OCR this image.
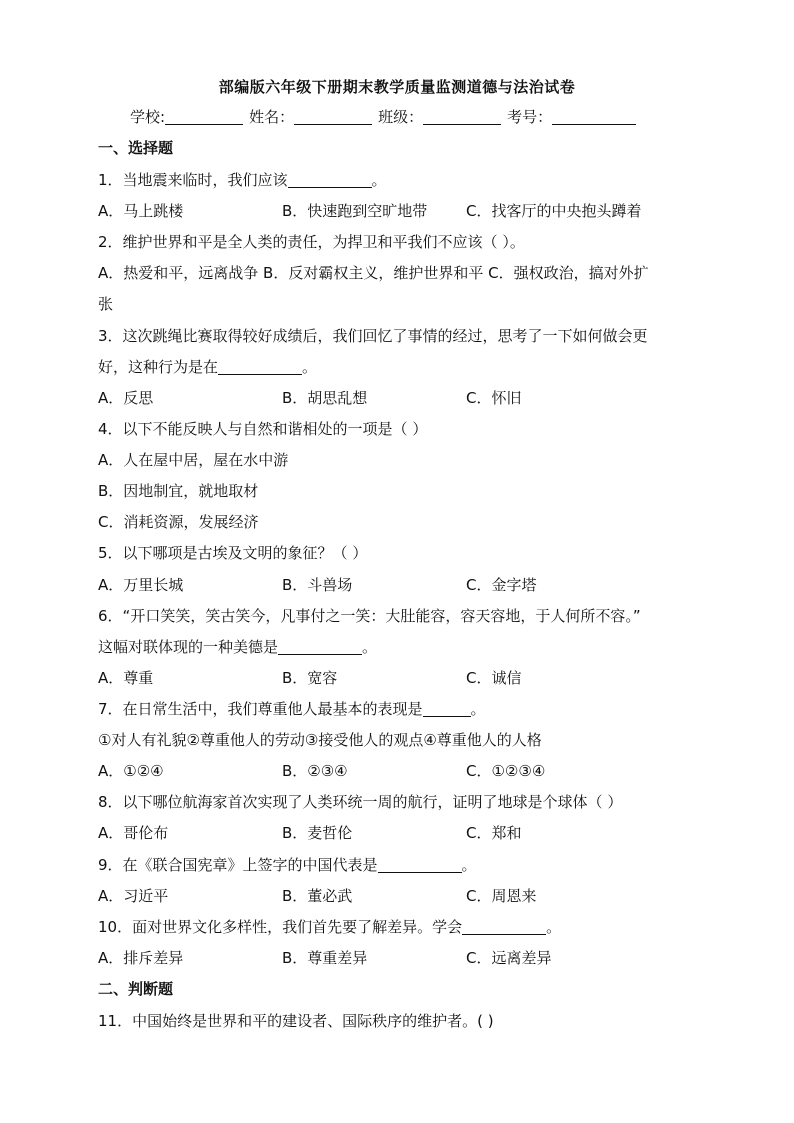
部编版六年级下册期末教学质量监测道德与法治试卷
学校:	姓名：	班级：	考号：
一、选择题
1．当地震来临时，我们应该	。
A．马上跳楼	B．快速跑到空旷地带	C．找客厅的中央抱头蹲着
2．维护世界和平是全人类的责任，为捍卫和平我们不应该（ ）。
A．热爱和平，远离战争 B．反对霸权主义，维护世界和平 C．强权政治，搞对外扩
张
3．这次跳绳比赛取得较好成绩后，我们回忆了事情的经过，思考了一下如何做会更
好，这种行为是在	。
A．反思	B．胡思乱想	C．怀旧
4．以下不能反映人与自然和谐相处的一项是（ ）
A．人在屋中居，屋在水中游
B．因地制宜，就地取材
C．消耗资源，发展经济
5．以下哪项是古埃及文明的象征？（ ）
A．万里长城	B．斗兽场	C．金字塔
6．“开口笑笑，笑古笑今，凡事付之一笑：大肚能容，容天容地，于人何所不容。”
这幅对联体现的一种美德是	。
A．尊重	B．宽容	C．诚信
7．在日常生活中，我们尊重他人最基本的表现是	。
①对人有礼貌②尊重他人的劳动③接受他人的观点④尊重他人的人格
A．①②④	B．②③④	C．①②③④
8．以下哪位航海家首次实现了人类环统一周的航行，证明了地球是个球体（ ）
A．哥伦布	B．麦哲伦	C．郑和
9．在《联合国宪章》上签字的中国代表是	。
A．习近平	B．董必武	C．周恩来
10．面对世界文化多样性，我们首先要了解差异。学会	。
A．排斥差异	B．尊重差异	C．远离差异
二、判断题
11．中国始终是世界和平的建设者、国际秩序的维护者。( )
